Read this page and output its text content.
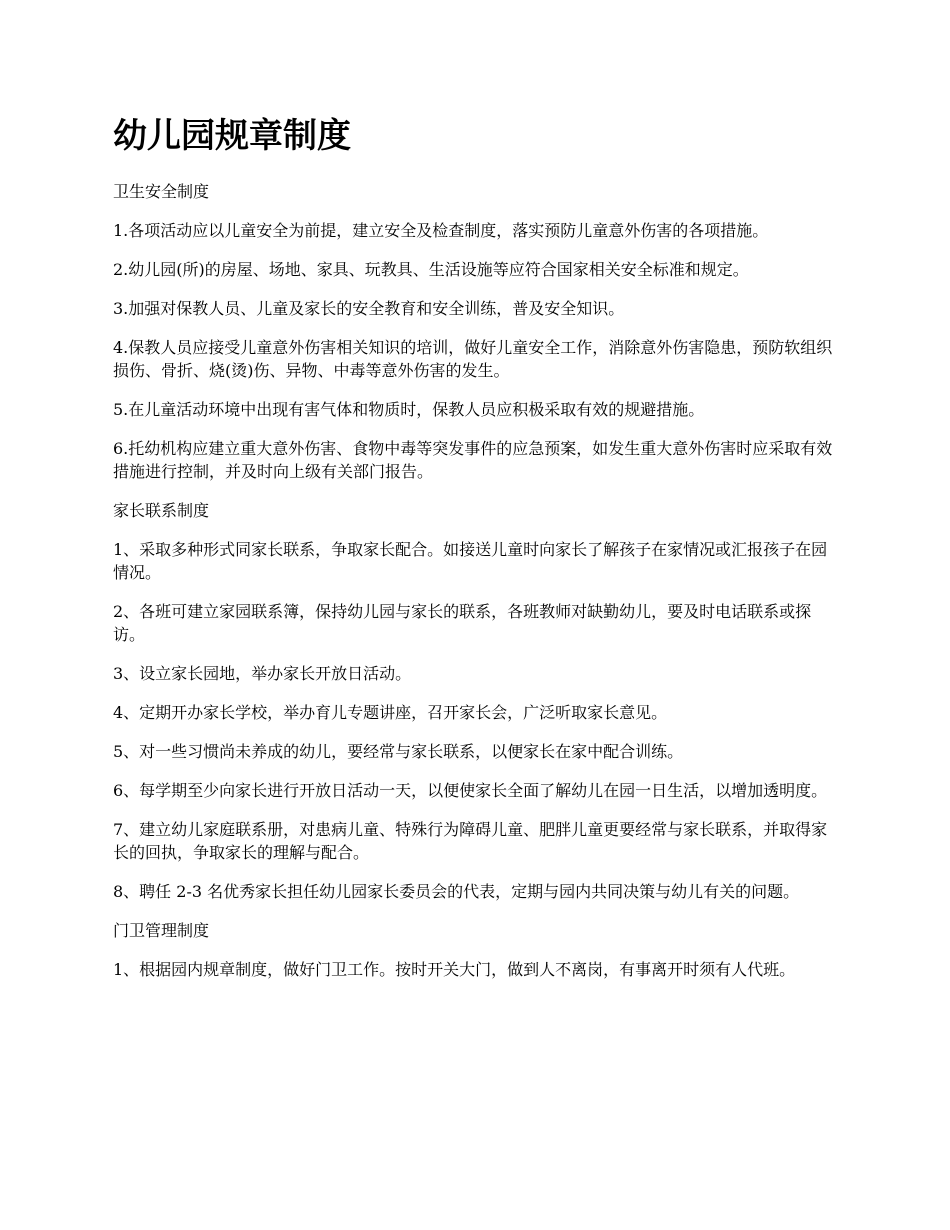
幼儿园规章制度

卫生安全制度

1.各项活动应以儿童安全为前提，建立安全及检查制度，落实预防儿童意外伤害的各项措施。

2.幼儿园(所)的房屋、场地、家具、玩教具、生活设施等应符合国家相关安全标准和规定。

3.加强对保教人员、儿童及家长的安全教育和安全训练，普及安全知识。

4.保教人员应接受儿童意外伤害相关知识的培训，做好儿童安全工作，消除意外伤害隐患，预防软组织损伤、骨折、烧(烫)伤、异物、中毒等意外伤害的发生。

5.在儿童活动环境中出现有害气体和物质时，保教人员应积极采取有效的规避措施。

6.托幼机构应建立重大意外伤害、食物中毒等突发事件的应急预案，如发生重大意外伤害时应采取有效措施进行控制，并及时向上级有关部门报告。

家长联系制度

1、采取多种形式同家长联系，争取家长配合。如接送儿童时向家长了解孩子在家情况或汇报孩子在园情况。

2、各班可建立家园联系簿，保持幼儿园与家长的联系，各班教师对缺勤幼儿，要及时电话联系或探访。

3、设立家长园地，举办家长开放日活动。

4、定期开办家长学校，举办育儿专题讲座，召开家长会，广泛听取家长意见。

5、对一些习惯尚未养成的幼儿，要经常与家长联系，以便家长在家中配合训练。

6、每学期至少向家长进行开放日活动一天，以便使家长全面了解幼儿在园一日生活，以增加透明度。

7、建立幼儿家庭联系册，对患病儿童、特殊行为障碍儿童、肥胖儿童更要经常与家长联系，并取得家长的回执，争取家长的理解与配合。

8、聘任 2-3 名优秀家长担任幼儿园家长委员会的代表，定期与园内共同决策与幼儿有关的问题。

门卫管理制度

1、根据园内规章制度，做好门卫工作。按时开关大门，做到人不离岗，有事离开时须有人代班。
